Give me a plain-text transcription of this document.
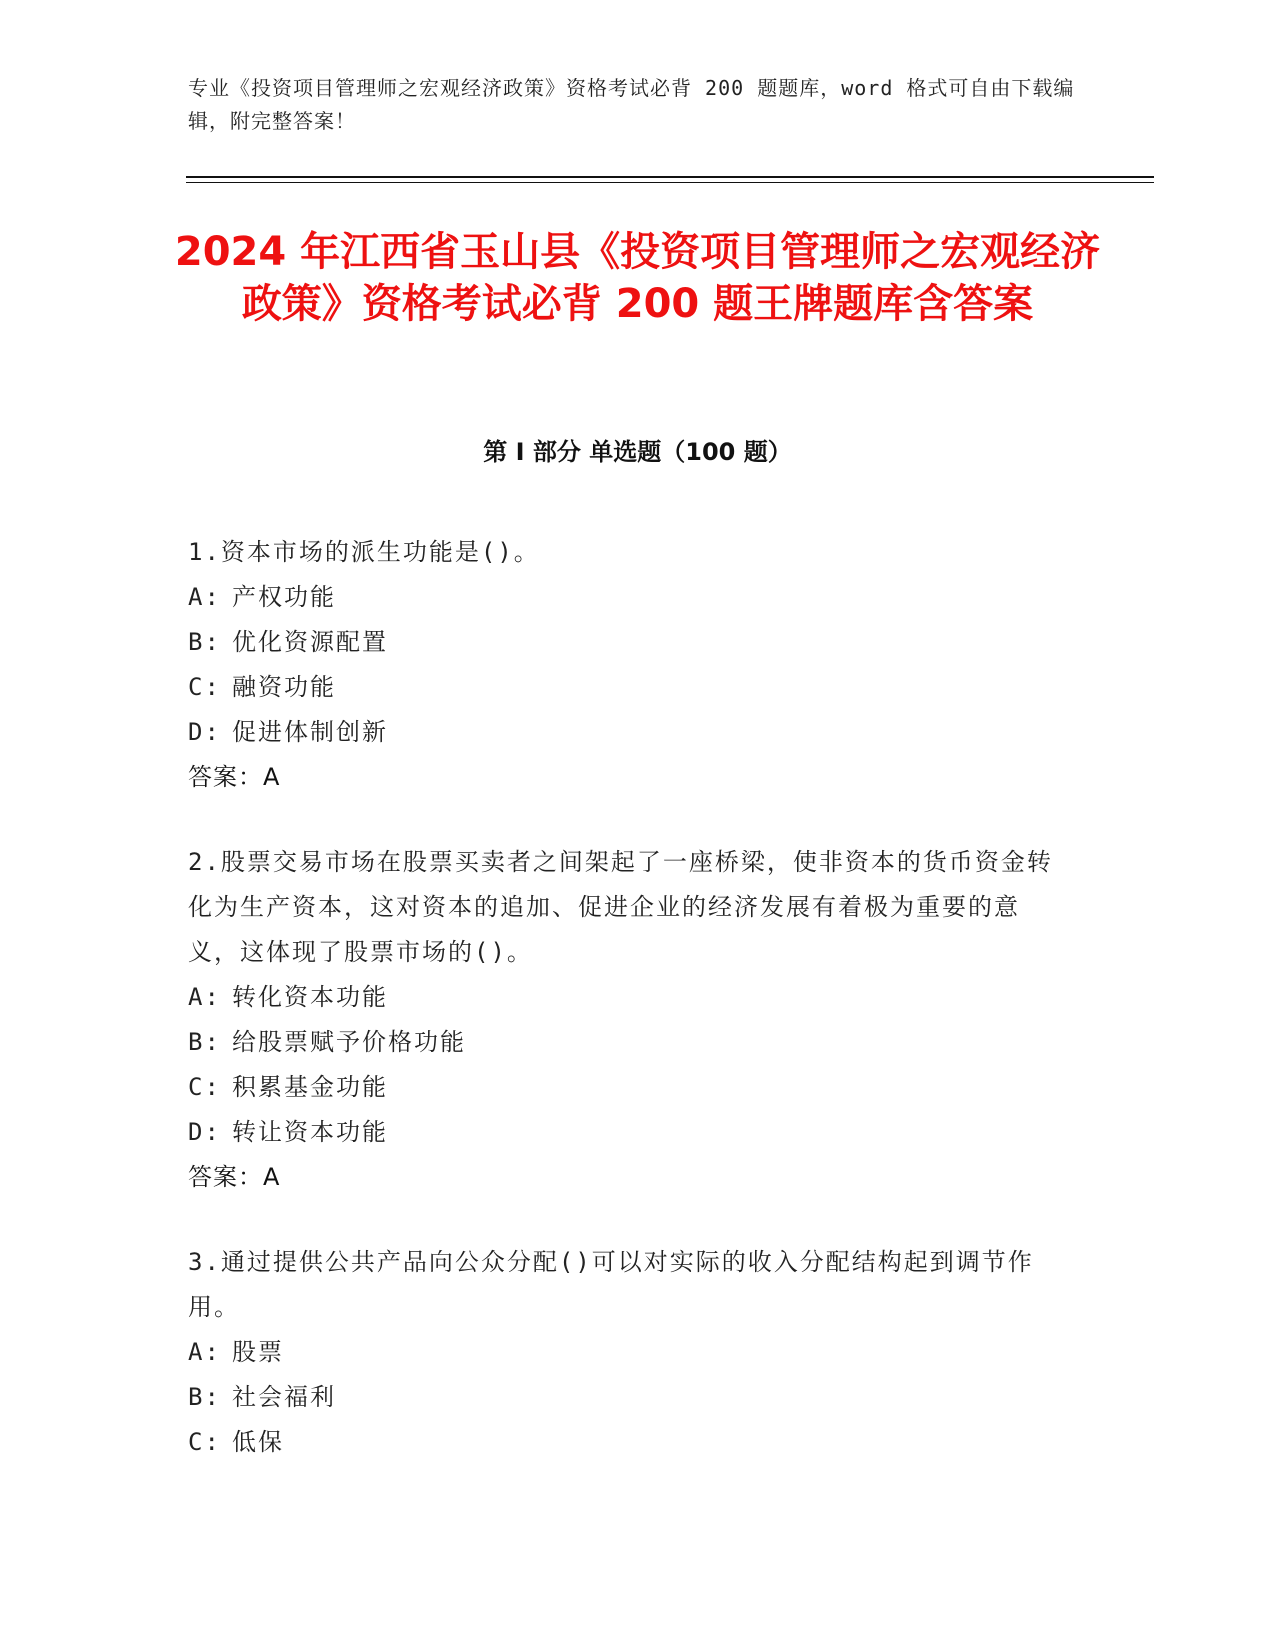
专业《投资项目管理师之宏观经济政策》资格考试必背 200 题题库，word 格式可自由下载编辑，附完整答案！
2024 年江西省玉山县《投资项目管理师之宏观经济政策》资格考试必背 200 题王牌题库含答案
第 I 部分 单选题（100 题）
1.资本市场的派生功能是()。
A: 产权功能
B: 优化资源配置
C: 融资功能
D: 促进体制创新
答案：A
2.股票交易市场在股票买卖者之间架起了一座桥梁，使非资本的货币资金转化为生产资本，这对资本的追加、促进企业的经济发展有着极为重要的意义，这体现了股票市场的()。
A: 转化资本功能
B: 给股票赋予价格功能
C: 积累基金功能
D: 转让资本功能
答案：A
3.通过提供公共产品向公众分配()可以对实际的收入分配结构起到调节作用。
A: 股票
B: 社会福利
C: 低保
